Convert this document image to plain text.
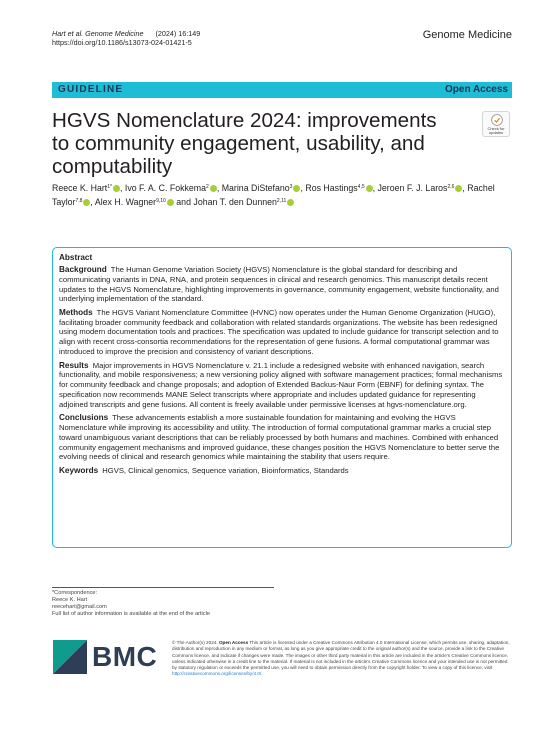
Hart et al. Genome Medicine (2024) 16:149
https://doi.org/10.1186/s13073-024-01421-5
Genome Medicine
GUIDELINE	Open Access
HGVS Nomenclature 2024: improvements to community engagement, usability, and computability
Check for
updates
Reece K. Hart$^{1*}$ , Ivo F. A. C. Fokkema$^2$ , Marina DiStefano$^3$ , Ros Hastings$^{4,5}$ , Jeroen F. J. Laros$^{2,6}$ , Rachel Taylor$^{7,8}$ , Alex H. Wagner$^{9,10}$ and Johan T. den Dunnen$^{2,11}$
Abstract

Background The Human Genome Variation Society (HGVS) Nomenclature is the global standard for describing and communicating variants in DNA, RNA, and protein sequences in clinical and research genomics. This manuscript details recent updates to the HGVS Nomenclature, highlighting improvements in governance, community engagement, website functionality, and underlying implementation of the standard.

Methods The HGVS Variant Nomenclature Committee (HVNC) now operates under the Human Genome Organization (HUGO), facilitating broader community feedback and collaboration with related standards organizations. The website has been redesigned using modern documentation tools and practices. The specification was updated to include guidance for transcript selection and to align with recent cross-consortia recommendations for the representation of gene fusions. A formal computational grammar was introduced to improve the precision and consistency of variant descriptions.

Results Major improvements in HGVS Nomenclature v. 21.1 include a redesigned website with enhanced navigation, search functionality, and mobile responsiveness; a new versioning policy aligned with software management practices; formal mechanisms for community feedback and change proposals; and adoption of Extended Backus-Naur Form (EBNF) for defining syntax. The specification now recommends MANE Select transcripts where appropriate and includes updated guidance for representing adjoined transcripts and gene fusions. All content is freely available under permissive licenses at hgvs-nomenclature.org.

Conclusions These advancements establish a more sustainable foundation for maintaining and evolving the HGVS Nomenclature while improving its accessibility and utility. The introduction of formal computational grammar marks a crucial step toward unambiguous variant descriptions that can be reliably processed by both humans and machines. Combined with enhanced community engagement mechanisms and improved guidance, these changes position the HGVS Nomenclature to better serve the evolving needs of clinical and research genomics while maintaining the stability that users require.

Keywords HGVS, Clinical genomics, Sequence variation, Bioinformatics, Standards

*Correspondence:
Reece K. Hart
reecehart@gmail.com
Full list of author information is available at the end of the article
BMC	© The Author(s) 2024. Open Access This article is licensed under a Creative Commons Attribution 4.0 International License, which permits use, sharing, adaptation, distribution and reproduction in any medium or format, as long as you give appropriate credit to the original author(s) and the source, provide a link to the Creative Commons licence, and indicate if changes were made. The images or other third party material in this article are included in the article's Creative Commons licence, unless indicated otherwise in a credit line to the material. If material is not included in the article's Creative Commons licence and your intended use is not permitted by statutory regulation or exceeds the permitted use, you will need to obtain permission directly from the copyright holder. To view a copy of this licence, visit http://creativecommons.org/licenses/by/4.0/.
